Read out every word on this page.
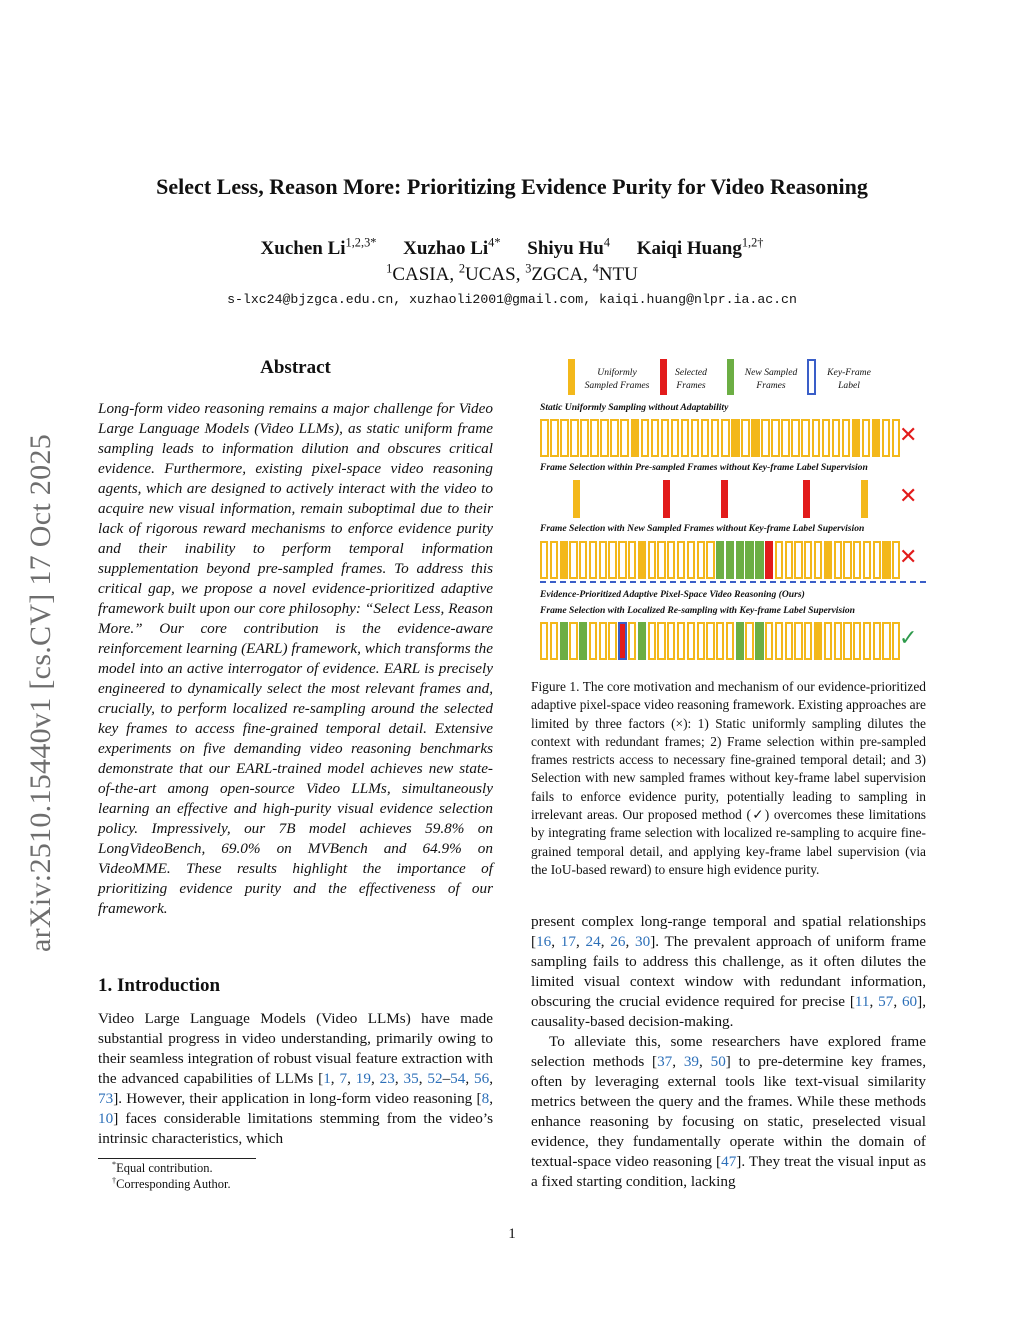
arXiv:2510.15440v1 [cs.CV] 17 Oct 2025
Select Less, Reason More: Prioritizing Evidence Purity for Video Reasoning
Xuchen $Li^{1,2,3*}$ Xuzhao $Li^{4*}$ Shiyu Hu$^4$ Kaiqi Huang$^{1,2\dagger}$
$^1$CASIA, $^2$UCAS, $^3$ZGCA, $^4$NTU
s-lxc24@bjzgca.edu.cn, xuzhaoli2001@gmail.com, kaiqi.huang@nlpr.ia.ac.cn
Abstract
Long-form video reasoning remains a major challenge for Video Large Language Models (Video LLMs), as static uniform frame sampling leads to information dilution and obscures critical evidence. Furthermore, existing pixel-space video reasoning agents, which are designed to actively interact with the video to acquire new visual information, remain suboptimal due to their lack of rigorous reward mechanisms to enforce evidence purity and their inability to perform temporal information supplementation beyond pre-sampled frames. To address this critical gap, we propose a novel evidence-prioritized adaptive framework built upon our core philosophy: “Select Less, Reason More.” Our core contribution is the evidence-aware reinforcement learning (EARL) framework, which transforms the model into an active interrogator of evidence. EARL is precisely engineered to dynamically select the most relevant frames and, crucially, to perform localized re-sampling around the selected key frames to access fine-grained temporal detail. Extensive experiments on five demanding video reasoning benchmarks demonstrate that our EARL-trained model achieves new state-of-the-art among open-source Video LLMs, simultaneously learning an effective and high-purity visual evidence selection policy. Impressively, our 7B model achieves 59.8% on LongVideoBench, 69.0% on MVBench and 64.9% on VideoMME. These results highlight the importance of prioritizing evidence purity and the effectiveness of our framework.
1. Introduction
Video Large Language Models (Video LLMs) have made substantial progress in video understanding, primarily owing to their seamless integration of robust visual feature extraction with the advanced capabilities of LLMs [1, 7, 19, 23, 35, 52–54, 56, 73]. However, their application in long-form video reasoning [8, 10] faces considerable limitations stemming from the video’s intrinsic characteristics, which
*Equal contribution.
†Corresponding Author.
Uniformly
Sampled Frames
Selected
Frames
New Sampled
Frames
Key-Frame
Label
Static Uniformly Sampling without Adaptability
✕
Frame Selection within Pre-sampled Frames without Key-frame Label Supervision
✕
Frame Selection with New Sampled Frames without Key-frame Label Supervision
✕
Evidence-Prioritized Adaptive Pixel-Space Video Reasoning (Ours)
Frame Selection with Localized Re-sampling with Key-frame Label Supervision
✓
Figure 1. The core motivation and mechanism of our evidence-prioritized adaptive pixel-space video reasoning framework. Existing approaches are limited by three factors (×): 1) Static uniformly sampling dilutes the context with redundant frames; 2) Frame selection within pre-sampled frames restricts access to necessary fine-grained temporal detail; and 3) Selection with new sampled frames without key-frame label supervision fails to enforce evidence purity, potentially leading to sampling in irrelevant areas. Our proposed method (✓) overcomes these limitations by integrating frame selection with localized re-sampling to acquire fine-grained temporal detail, and applying key-frame label supervision (via the IoU-based reward) to ensure high evidence purity.

present complex long-range temporal and spatial relationships [16, 17, 24, 26, 30]. The prevalent approach of uniform frame sampling fails to address this challenge, as it often dilutes the limited visual context window with redundant information, obscuring the crucial evidence required for precise [11, 57, 60], causality-based decision-making.

To alleviate this, some researchers have explored frame selection methods [37, 39, 50] to pre-determine key frames, often by leveraging external tools like text-visual similarity metrics between the query and the frames. While these methods enhance reasoning by focusing on static, preselected visual evidence, they fundamentally operate within the domain of textual-space video reasoning [47]. They treat the visual input as a fixed starting condition, lacking

1
